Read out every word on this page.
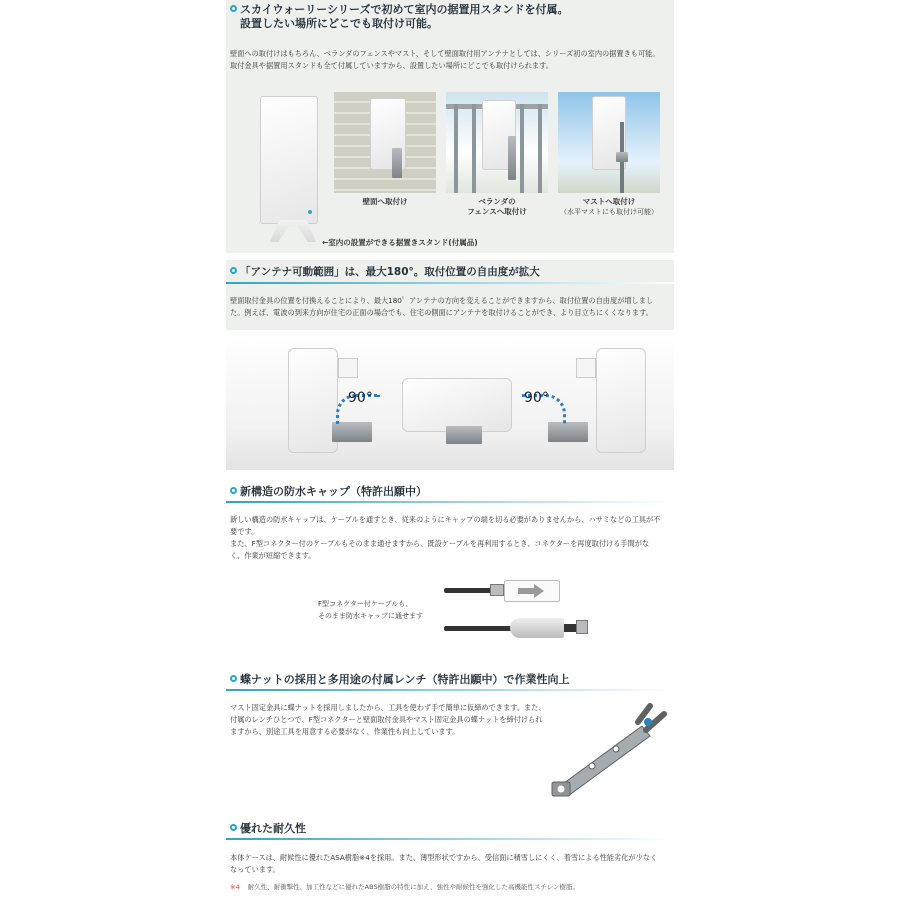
スカイウォーリーシリーズで初めて室内の据置用スタンドを付属。
設置したい場所にどこでも取付け可能。
壁面への取付けはもちろん、ベランダのフェンスやマスト、そして壁面取付用アンテナとしては、シリーズ初の室内の据置きも可能。
取付金具や据置用スタンドも全て付属していますから、設置したい場所にどこでも取付けられます。
壁面へ取付け	ベランダの
フェンスへ取付け
マストへ取付け
（水平マストにも取付け可能）
←室内の設置ができる据置きスタンド(付属品)
「アンテナ可動範囲」は、最大180°。取付位置の自由度が拡大
壁面取付金具の位置を付換えることにより、最大180゜アンテナの方向を変えることができますから、取付位置の自由度が増しまし
た。例えば、電波の到来方向が住宅の正面の場合でも、住宅の側面にアンテナを取付けることができ、より目立ちにくくなります。
90°	90°
新構造の防水キャップ（特許出願中）
新しい構造の防水キャップは、ケーブルを通すとき、従来のようにキャップの端を切る必要がありませんから、ハサミなどの工具が不
要です。
また、F型コネクター付のケーブルもそのまま通せますから、既設ケーブルを再利用するとき、コネクターを再度取付ける手間がな
く、作業が短縮できます。
F型コネクター付ケーブルも、
そのまま防水キャップに通せます
蝶ナットの採用と多用途の付属レンチ（特許出願中）で作業性向上
マスト固定金具に蝶ナットを採用しましたから、工具を使わず手で簡単に仮締めできます。また、
付属のレンチひとつで、F型コネクターと壁面取付金具やマスト固定金具の蝶ナットを締付けられ
ますから、別途工具を用意する必要がなく、作業性も向上しています。
優れた耐久性
本体ケースは、耐候性に優れたASA樹脂※4を採用。また、薄型形状ですから、受信面に積雪しにくく、着雪による性能劣化が少なく
なっています。
※4 耐久性、耐衝撃性、加工性などに優れたABS樹脂の特性に加え、強性や耐候性を強化した高機能性スチレン樹脂。
